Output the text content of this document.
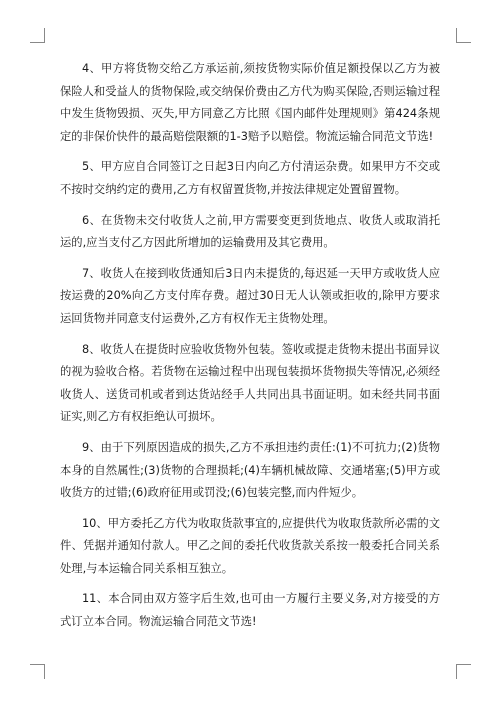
4、甲方将货物交给乙方承运前,须按货物实际价值足额投保以乙方为被保险人和受益人的货物保险,或交纳保价费由乙方代为购买保险,否则运输过程中发生货物毁损、灭失,甲方同意乙方比照《国内邮件处理规则》第424条规定的非保价快件的最高赔偿限额的1-3赔予以赔偿。物流运输合同范文节选!

5、甲方应自合同签订之日起3日内向乙方付清运杂费。如果甲方不交或不按时交纳约定的费用,乙方有权留置货物,并按法律规定处置留置物。

6、在货物未交付收货人之前,甲方需要变更到货地点、收货人或取消托运的,应当支付乙方因此所增加的运输费用及其它费用。

7、收货人在接到收货通知后3日内未提货的,每迟延一天甲方或收货人应按运费的20%向乙方支付库存费。超过30日无人认领或拒收的,除甲方要求运回货物并同意支付运费外,乙方有权作无主货物处理。

8、收货人在提货时应验收货物外包装。签收或提走货物未提出书面异议的视为验收合格。若货物在运输过程中出现包装损坏货物损失等情况,必须经收货人、送货司机或者到达货站经手人共同出具书面证明。如未经共同书面证实,则乙方有权拒绝认可损坏。

9、由于下列原因造成的损失,乙方不承担违约责任:(1)不可抗力;(2)货物本身的自然属性;(3)货物的合理损耗;(4)车辆机械故障、交通堵塞;(5)甲方或收货方的过错;(6)政府征用或罚没;(6)包装完整,而内件短少。

10、甲方委托乙方代为收取货款事宜的,应提供代为收取货款所必需的文件、凭据并通知付款人。甲乙之间的委托代收货款关系按一般委托合同关系处理,与本运输合同关系相互独立。

11、本合同由双方签字后生效,也可由一方履行主要义务,对方接受的方式订立本合同。物流运输合同范文节选!
